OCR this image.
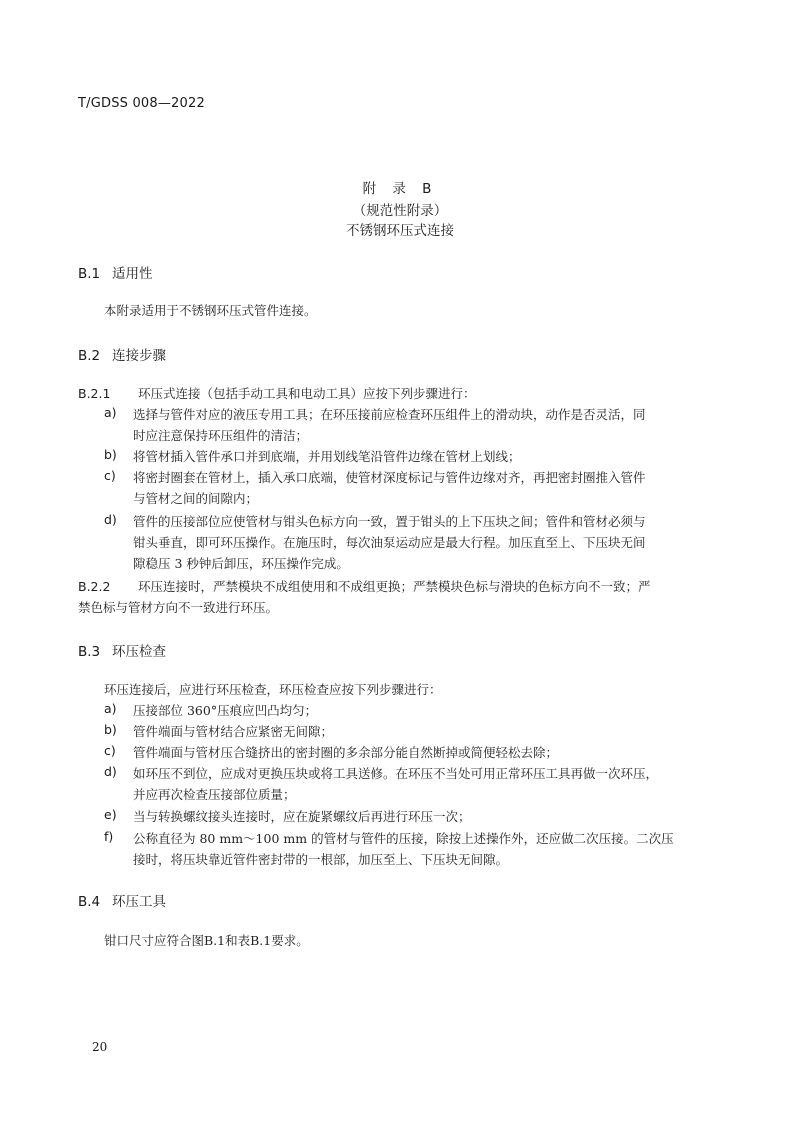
T/GDSS 008—2022
附 录 B
（规范性附录）
不锈钢环压式连接
B.1 适用性
本附录适用于不锈钢环压式管件连接。
B.2 连接步骤
B.2.1 环压式连接（包括手动工具和电动工具）应按下列步骤进行：
a) 选择与管件对应的液压专用工具；在环压接前应检查环压组件上的滑动块，动作是否灵活，同
时应注意保持环压组件的清洁；
b) 将管材插入管件承口并到底端，并用划线笔沿管件边缘在管材上划线；
c) 将密封圈套在管材上，插入承口底端，使管材深度标记与管件边缘对齐，再把密封圈推入管件
与管材之间的间隙内；
d) 管件的压接部位应使管材与钳头色标方向一致，置于钳头的上下压块之间；管件和管材必须与
钳头垂直，即可环压操作。在施压时，每次油泵运动应是最大行程。加压直至上、下压块无间
隙稳压 3 秒钟后卸压，环压操作完成。
B.2.2 环压连接时，严禁模块不成组使用和不成组更换；严禁模块色标与滑块的色标方向不一致；严
禁色标与管材方向不一致进行环压。
B.3 环压检查
环压连接后，应进行环压检查，环压检查应按下列步骤进行：
a) 压接部位 360°压痕应凹凸均匀；
b) 管件端面与管材结合应紧密无间隙；
c) 管件端面与管材压合缝挤出的密封圈的多余部分能自然断掉或简便轻松去除；
d) 如环压不到位，应成对更换压块或将工具送修。在环压不当处可用正常环压工具再做一次环压，
并应再次检查压接部位质量；
e) 当与转换螺纹接头连接时，应在旋紧螺纹后再进行环压一次；
f) 公称直径为 80 mm～100 mm 的管材与管件的压接，除按上述操作外，还应做二次压接。二次压
接时，将压块靠近管件密封带的一根部，加压至上、下压块无间隙。
B.4 环压工具
钳口尺寸应符合图B.1和表B.1要求。
20
